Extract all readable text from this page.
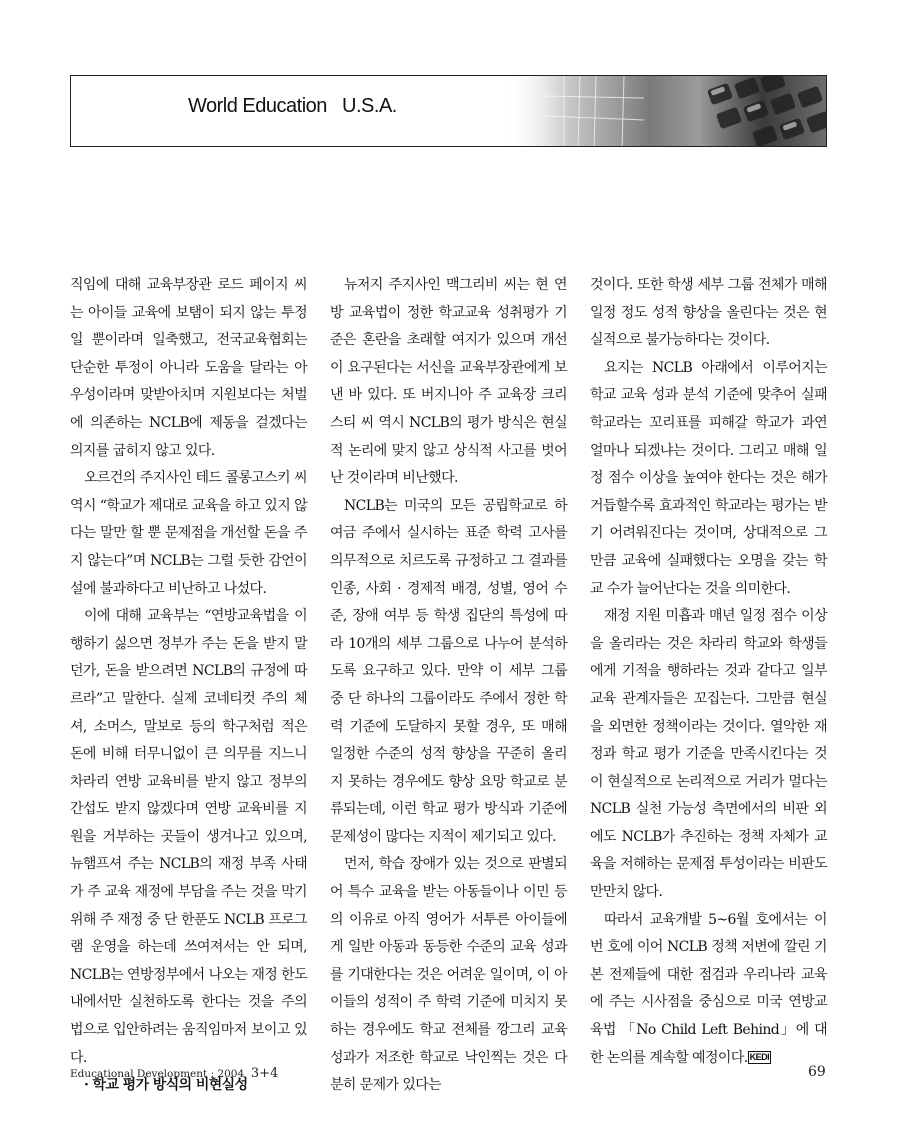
World Education   U.S.A.

직임에 대해 교육부장관 로드 페이지 씨는 아이들 교육에 보탬이 되지 않는 투정일 뿐이라며 일축했고, 전국교육협회는 단순한 투정이 아니라 도움을 달라는 아우성이라며 맞받아치며 지원보다는 처벌에 의존하는 NCLB에 제동을 걸겠다는 의지를 굽히지 않고 있다.

오르건의 주지사인 테드 콜롱고스키 씨 역시 “학교가 제대로 교육을 하고 있지 않다는 말만 할 뿐 문제점을 개선할 돈을 주지 않는다”며 NCLB는 그럴 듯한 감언이설에 불과하다고 비난하고 나섰다.

이에 대해 교육부는 “연방교육법을 이행하기 싫으면 정부가 주는 돈을 받지 말던가, 돈을 받으려면 NCLB의 규정에 따르라”고 말한다. 실제 코네티컷 주의 체셔, 소머스, 말보로 등의 학구처럼 적은 돈에 비해 터무니없이 큰 의무를 지느니 차라리 연방 교육비를 받지 않고 정부의 간섭도 받지 않겠다며 연방 교육비를 지원을 거부하는 곳들이 생겨나고 있으며, 뉴햄프셔 주는 NCLB의 재정 부족 사태가 주 교육 재정에 부담을 주는 것을 막기 위해 주 재정 중 단 한푼도 NCLB 프로그램 운영을 하는데 쓰여져서는 안 되며, NCLB는 연방정부에서 나오는 재정 한도 내에서만 실천하도록 한다는 것을 주의 법으로 입안하려는 움직임마저 보이고 있다.

· 학교 평가 방식의 비현실성

뉴저지 주지사인 맥그리비 씨는 현 연방 교육법이 정한 학교교육 성취평가 기준은 혼란을 초래할 여지가 있으며 개선이 요구된다는 서신을 교육부장관에게 보낸 바 있다. 또 버지니아 주 교육장 크리스티 씨 역시 NCLB의 평가 방식은 현실적 논리에 맞지 않고 상식적 사고를 벗어난 것이라며 비난했다.

NCLB는 미국의 모든 공립학교로 하여금 주에서 실시하는 표준 학력 고사를 의무적으로 치르도록 규정하고 그 결과를 인종, 사회 · 경제적 배경, 성별, 영어 수준, 장애 여부 등 학생 집단의 특성에 따라 10개의 세부 그룹으로 나누어 분석하도록 요구하고 있다. 만약 이 세부 그룹 중 단 하나의 그룹이라도 주에서 정한 학력 기준에 도달하지 못할 경우, 또 매해 일정한 수준의 성적 향상을 꾸준히 올리지 못하는 경우에도 향상 요망 학교로 분류되는데, 이런 학교 평가 방식과 기준에 문제성이 많다는 지적이 제기되고 있다.

먼저, 학습 장애가 있는 것으로 판별되어 특수 교육을 받는 아동들이나 이민 등의 이유로 아직 영어가 서투른 아이들에게 일반 아동과 동등한 수준의 교육 성과를 기대한다는 것은 어려운 일이며, 이 아이들의 성적이 주 학력 기준에 미치지 못하는 경우에도 학교 전체를 깡그리 교육 성과가 저조한 학교로 낙인찍는 것은 다분히 문제가 있다는

것이다. 또한 학생 세부 그룹 전체가 매해 일정 정도 성적 향상을 올린다는 것은 현실적으로 불가능하다는 것이다.

요지는 NCLB 아래에서 이루어지는 학교 교육 성과 분석 기준에 맞추어 실패 학교라는 꼬리표를 피해갈 학교가 과연 얼마나 되겠냐는 것이다. 그리고 매해 일정 점수 이상을 높여야 한다는 것은 해가 거듭할수록 효과적인 학교라는 평가는 받기 어려워진다는 것이며, 상대적으로 그만큼 교육에 실패했다는 오명을 갖는 학교 수가 늘어난다는 것을 의미한다.

재정 지원 미흡과 매년 일정 점수 이상을 올리라는 것은 차라리 학교와 학생들에게 기적을 행하라는 것과 같다고 일부 교육 관계자들은 꼬집는다. 그만큼 현실을 외면한 정책이라는 것이다. 열악한 재정과 학교 평가 기준을 만족시킨다는 것이 현실적으로 논리적으로 거리가 멀다는 NCLB 실천 가능성 측면에서의 비판 외에도 NCLB가 추진하는 정책 자체가 교육을 저해하는 문제점 투성이라는 비판도 만만치 않다.

따라서 교육개발 5~6월 호에서는 이번 호에 이어 NCLB 정책 저변에 깔린 기본 전제들에 대한 점검과 우리나라 교육에 주는 시사점을 중심으로 미국 연방교육법 「No Child Left Behind」에 대한 논의를 계속할 예정이다. KEDI

Educational Development : 2004  3+4	69
